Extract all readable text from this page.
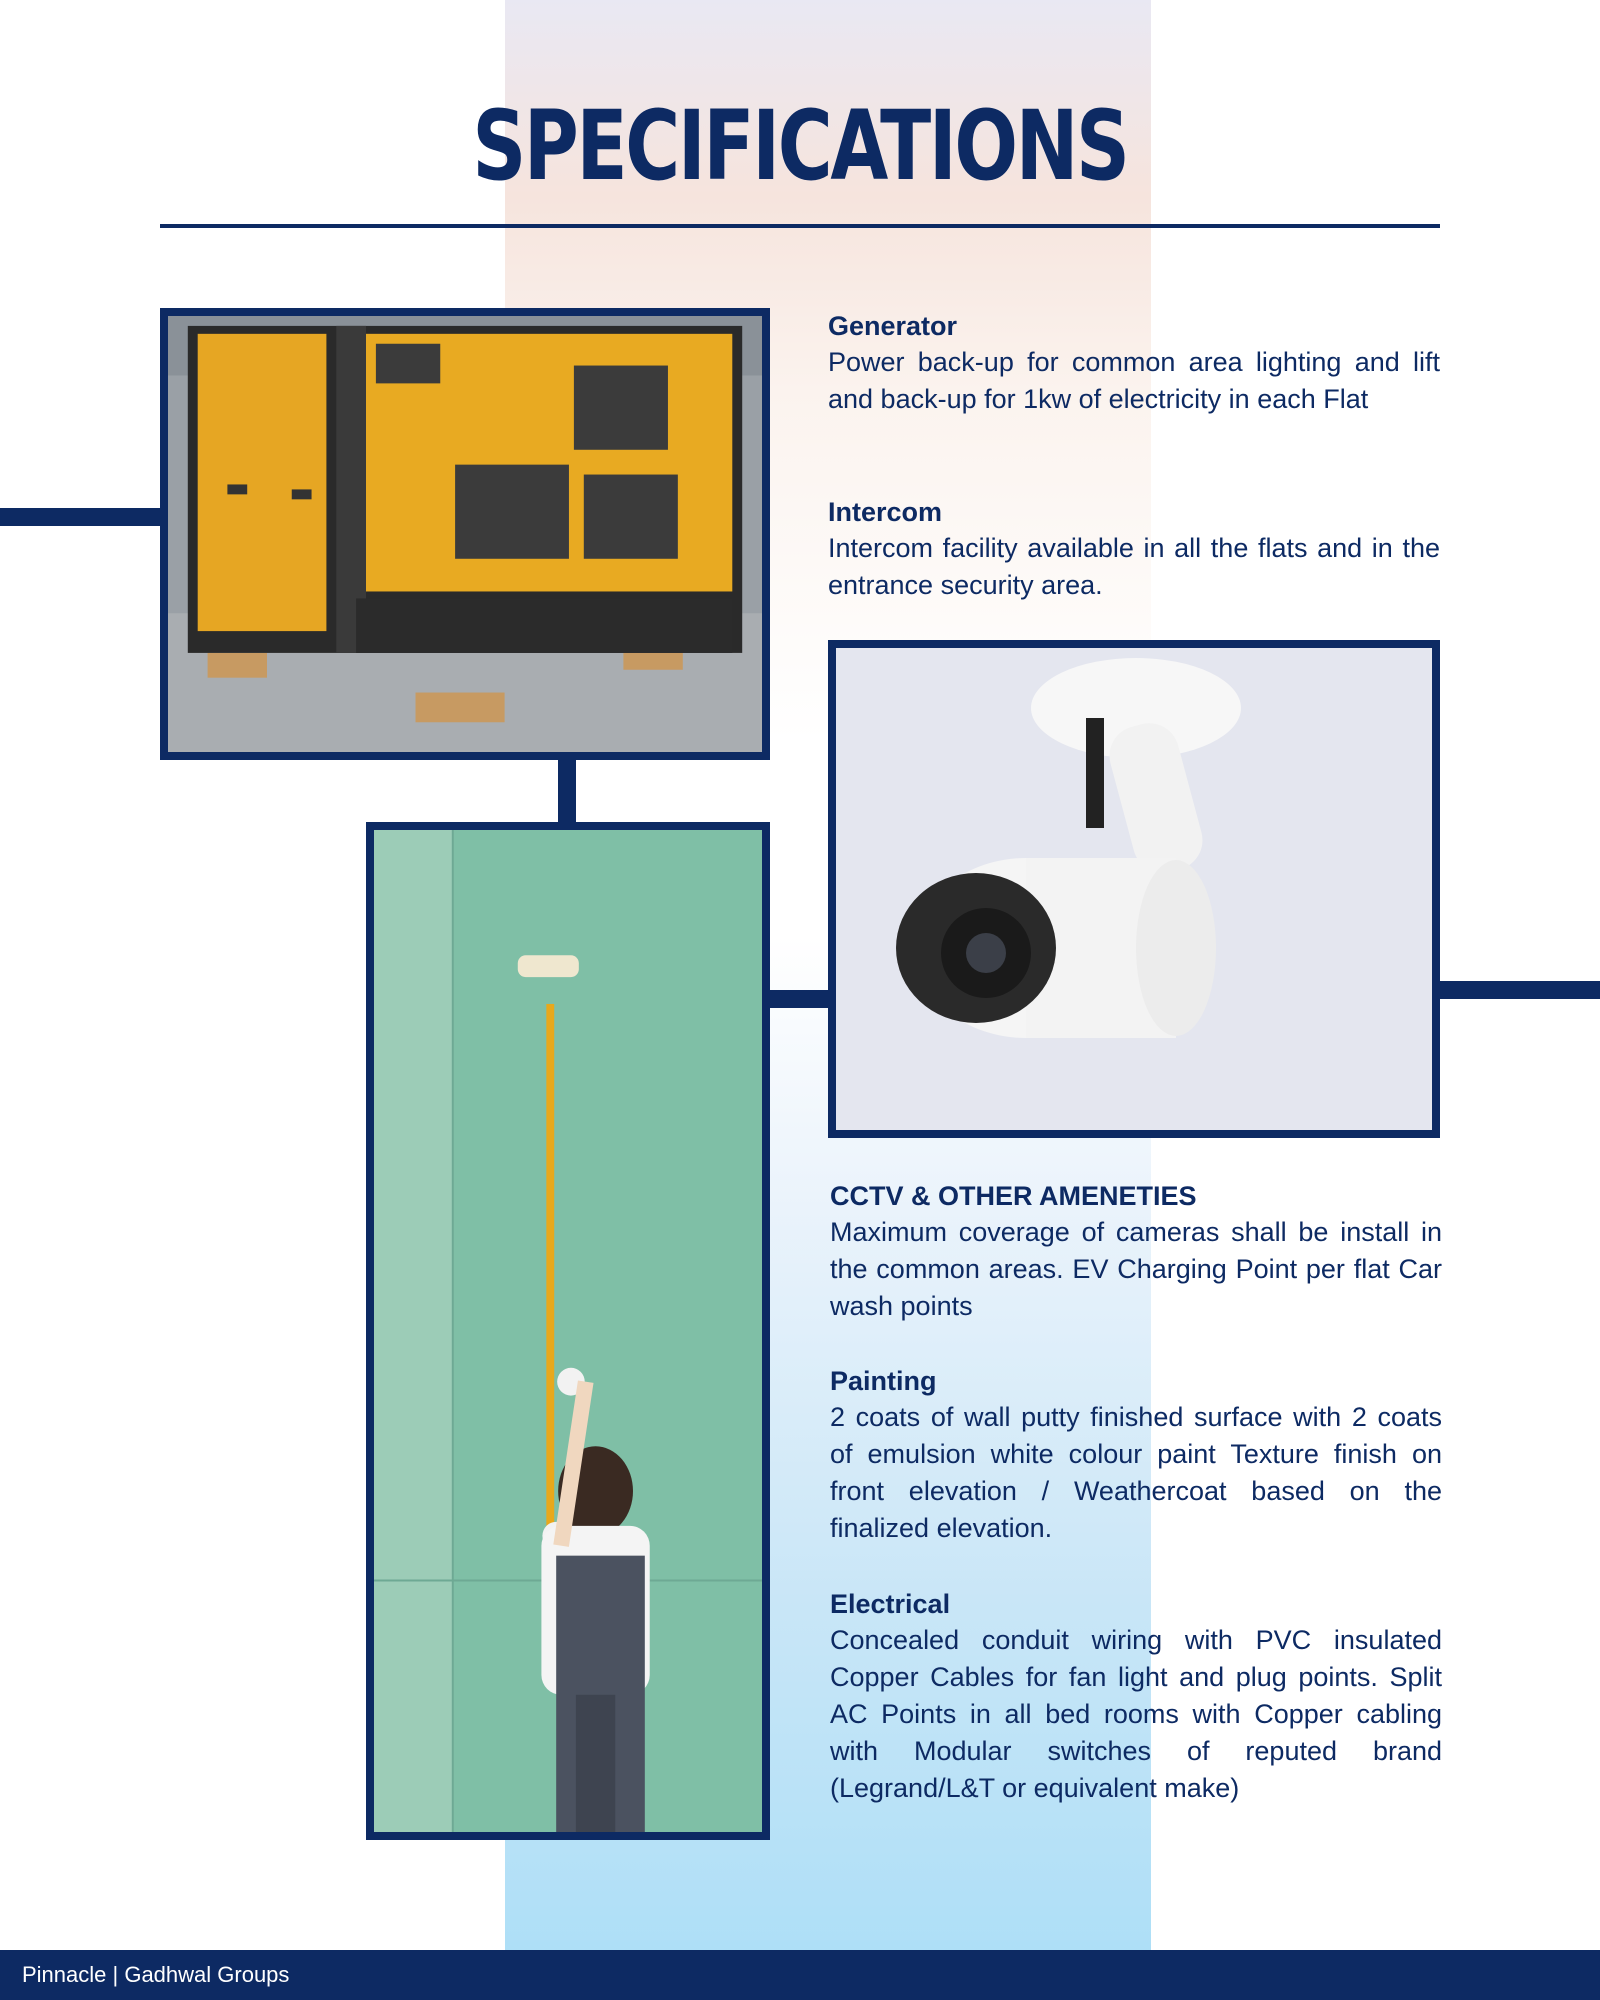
SPECIFICATIONS
Generator

Power back-up for common area lighting and lift and back-up for 1kw of electricity in each Flat

Intercom

Intercom facility available in all the flats and in the entrance security area.

CCTV & OTHER AMENETIES

Maximum coverage of cameras shall be install in the common areas. EV Charging Point per flat Car wash points

Painting

2 coats of wall putty finished surface with 2 coats of emulsion white colour paint Texture finish on front elevation / Weathercoat based on the finalized elevation.

Electrical

Concealed conduit wiring with PVC insulated Copper Cables for fan light and plug points. Split AC Points in all bed rooms with Copper cabling with Modular switches of reputed brand (Legrand/L&T or equivalent make)

Pinnacle | Gadhwal Groups
